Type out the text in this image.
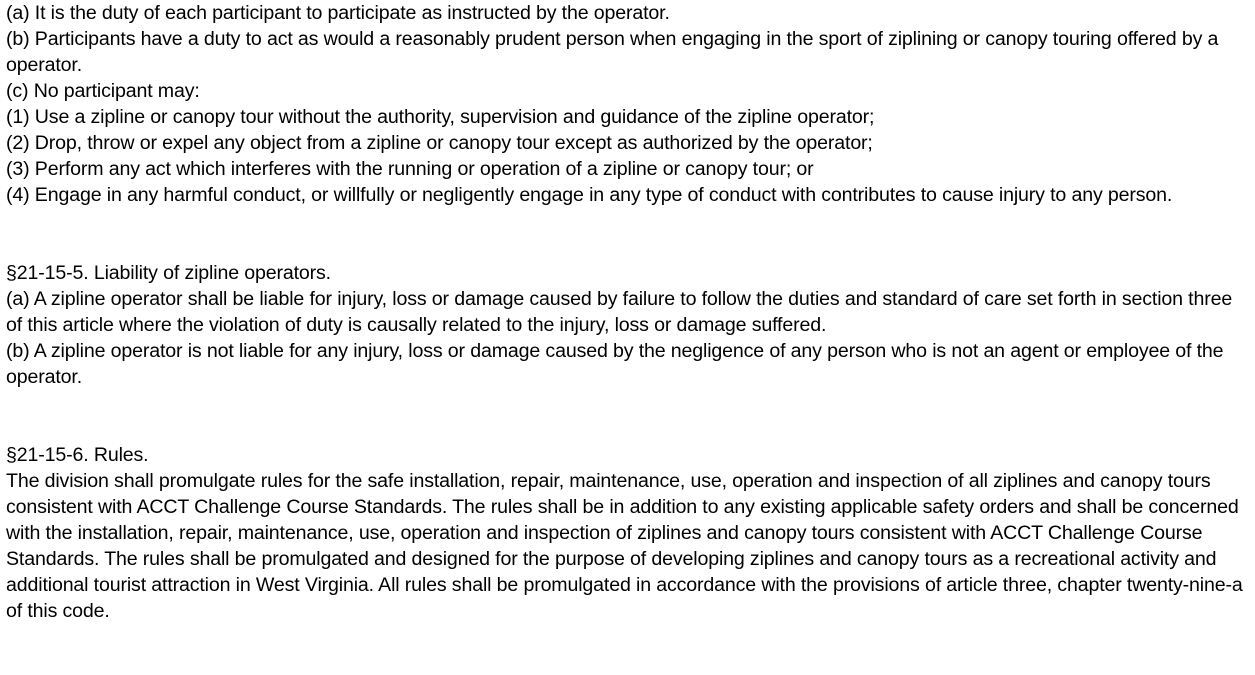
(a) It is the duty of each participant to participate as instructed by the operator.

(b) Participants have a duty to act as would a reasonably prudent person when engaging in the sport of ziplining or canopy touring offered by a operator.

(c) No participant may:

(1) Use a zipline or canopy tour without the authority, supervision and guidance of the zipline operator;

(2) Drop, throw or expel any object from a zipline or canopy tour except as authorized by the operator;

(3) Perform any act which interferes with the running or operation of a zipline or canopy tour; or

(4) Engage in any harmful conduct, or willfully or negligently engage in any type of conduct with contributes to cause injury to any person.

§21-15-5. Liability of zipline operators.

(a) A zipline operator shall be liable for injury, loss or damage caused by failure to follow the duties and standard of care set forth in section three of this article where the violation of duty is causally related to the injury, loss or damage suffered.

(b) A zipline operator is not liable for any injury, loss or damage caused by the negligence of any person who is not an agent or employee of the operator.

§21-15-6. Rules.

The division shall promulgate rules for the safe installation, repair, maintenance, use, operation and inspection of all ziplines and canopy tours consistent with ACCT Challenge Course Standards. The rules shall be in addition to any existing applicable safety orders and shall be concerned with the installation, repair, maintenance, use, operation and inspection of ziplines and canopy tours consistent with ACCT Challenge Course Standards. The rules shall be promulgated and designed for the purpose of developing ziplines and canopy tours as a recreational activity and additional tourist attraction in West Virginia. All rules shall be promulgated in accordance with the provisions of article three, chapter twenty-nine-a of this code.
